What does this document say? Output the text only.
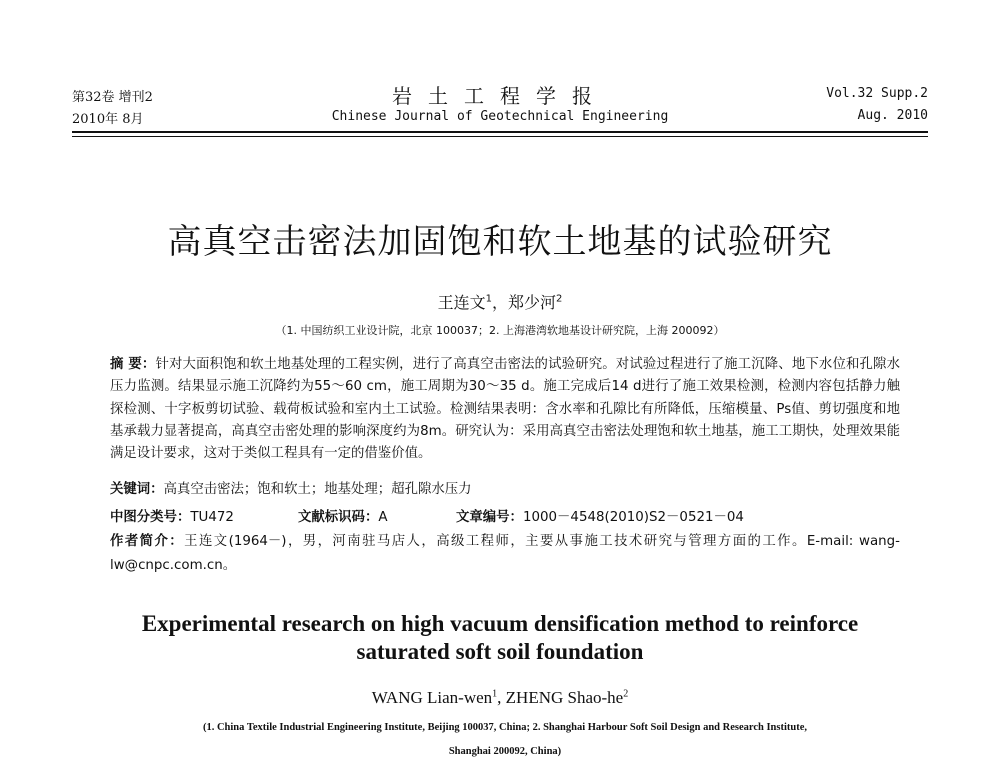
第32卷 增刊2	岩土工程学报	Vol.32 Supp.2
2010年 8月	Chinese Journal of Geotechnical Engineering	Aug. 2010
高真空击密法加固饱和软土地基的试验研究
王连文$^1$，郑少河$^2$
（1. 中国纺织工业设计院，北京 100037；2. 上海港湾软地基设计研究院，上海 200092）
摘 要：针对大面积饱和软土地基处理的工程实例，进行了高真空击密法的试验研究。对试验过程进行了施工沉降、地下水位和孔隙水压力监测。结果显示施工沉降约为55～60 cm，施工周期为30～35 d。施工完成后14 d进行了施工效果检测，检测内容包括静力触探检测、十字板剪切试验、载荷板试验和室内土工试验。检测结果表明：含水率和孔隙比有所降低，压缩模量、Ps值、剪切强度和地基承载力显著提高，高真空击密处理的影响深度约为8m。研究认为：采用高真空击密法处理饱和软土地基，施工工期快，处理效果能满足设计要求，这对于类似工程具有一定的借鉴价值。
关键词：高真空击密法；饱和软土；地基处理；超孔隙水压力
中图分类号：TU472	文献标识码：A	文章编号：1000－4548(2010)S2－0521－04
作者简介：王连文(1964－)，男，河南驻马店人，高级工程师，主要从事施工技术研究与管理方面的工作。E-mail: wang-lw@cnpc.com.cn。
Experimental research on high vacuum densification method to reinforce
saturated soft soil foundation
WANG Lian-wen$^1$, ZHENG Shao-$he^2$
(1. China Textile Industrial Engineering Institute, Beijing 100037, China; 2. Shanghai Harbour Soft Soil Design and Research Institute,
Shanghai 200092, China)
